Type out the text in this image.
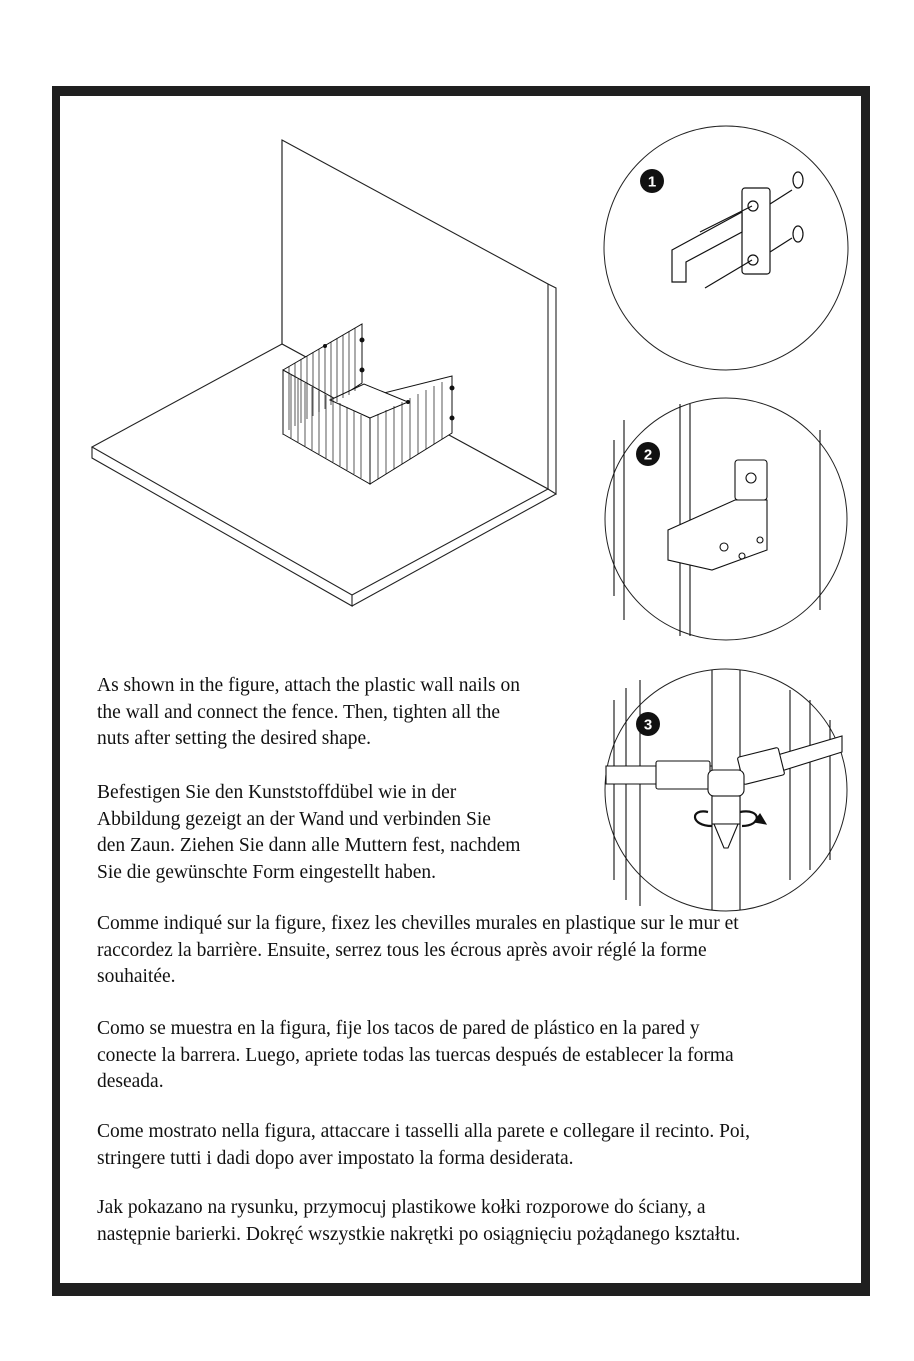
1
2
3

As shown in the figure, attach the plastic wall nails on
the wall and connect the fence. Then, tighten all the
nuts after setting the desired shape.

Befestigen Sie den Kunststoffdübel wie in der
Abbildung gezeigt an der Wand und verbinden Sie
den Zaun. Ziehen Sie dann alle Muttern fest, nachdem
Sie die gewünschte Form eingestellt haben.

Comme indiqué sur la figure, fixez les chevilles murales en plastique sur le mur et
raccordez la barrière. Ensuite, serrez tous les écrous après avoir réglé la forme
souhaitée.

Como se muestra en la figura, fije los tacos de pared de plástico en la pared y
conecte la barrera. Luego, apriete todas las tuercas después de establecer la forma
deseada.

Come mostrato nella figura, attaccare i tasselli alla parete e collegare il recinto. Poi,
stringere tutti i dadi dopo aver impostato la forma desiderata.

Jak pokazano na rysunku, przymocuj plastikowe kołki rozporowe do ściany, a
następnie barierki. Dokręć wszystkie nakrętki po osiągnięciu pożądanego kształtu.
